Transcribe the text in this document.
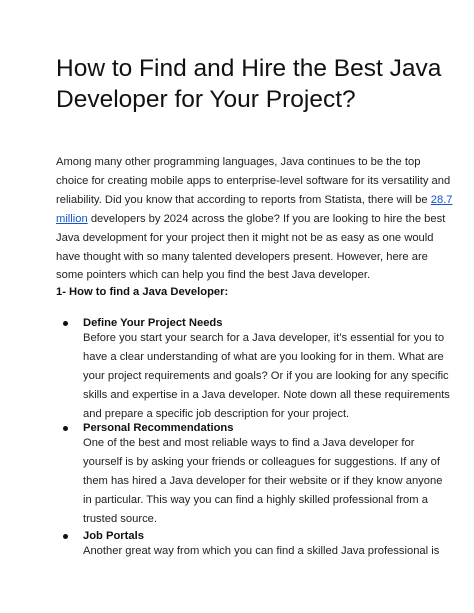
How to Find and Hire the Best Java
Developer for Your Project?

Among many other programming languages, Java continues to be the top
choice for creating mobile apps to enterprise-level software for its versatility and
reliability. Did you know that according to reports from Statista, there will be 28.7
million developers by 2024 across the globe? If you are looking to hire the best
Java development for your project then it might not be as easy as one would
have thought with so many talented developers present. However, here are
some pointers which can help you find the best Java developer.

1- How to find a Java Developer:
Define Your Project Needs

Before you start your search for a Java developer, it’s essential for you to
have a clear understanding of what are you looking for in them. What are
your project requirements and goals? Or if you are looking for any specific
skills and expertise in a Java developer. Note down all these requirements
and prepare a specific job description for your project.

Personal Recommendations

One of the best and most reliable ways to find a Java developer for
yourself is by asking your friends or colleagues for suggestions. If any of
them has hired a Java developer for their website or if they know anyone
in particular. This way you can find a highly skilled professional from a
trusted source.

Job Portals

Another great way from which you can find a skilled Java professional is
